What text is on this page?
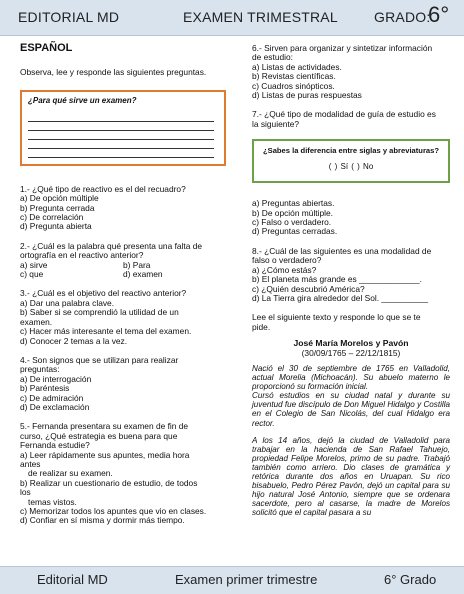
EDITORIAL MD	EXAMEN TRIMESTRAL	GRADO:
6°
ESPAÑOL

Observa, lee y responde las siguientes preguntas.

¿Para qué sirve un examen?

1.- ¿Qué tipo de reactivo es el del recuadro?

a) De opción múltiple

b) Pregunta cerrada

c) De correlación

d) Pregunta abierta

2.- ¿Cuál es la palabra qué presenta una falta de

ortografía en el reactivo anterior?

a) sirve	b) Para
c) que	d) examen

3.- ¿Cuál es el objetivo del reactivo anterior?

a) Dar una palabra clave.

b) Saber si se comprendió la utilidad de un

examen.

c) Hacer más interesante el tema del examen.

d) Conocer 2 temas a la vez.

4.- Son signos que se utilizan para realizar

preguntas:

a) De interrogación

b) Paréntesis

c) De admiración

d) De exclamación

5.- Fernanda presentara su examen de fin de

curso, ¿Qué estrategia es buena para que

Fernanda estudie?

a) Leer rápidamente sus apuntes, media hora

antes

de realizar su examen.

b) Realizar un cuestionario de estudio, de todos

los

temas vistos.

c) Memorizar todos los apuntes que vio en clases.

d) Confiar en sí misma y dormir más tiempo.

6.- Sirven para organizar y sintetizar información

de estudio:

a) Listas de actividades.

b) Revistas científicas.

c) Cuadros sinópticos.

d) Listas de puras respuestas

7.- ¿Qué tipo de modalidad de guía de estudio es

la siguiente?

¿Sabes la diferencia entre siglas y abreviaturas?
( ) Sí ( ) No

a) Preguntas abiertas.

b) De opción múltiple.

c) Falso o verdadero.

d) Preguntas cerradas.

8.- ¿Cuál de las siguientes es una modalidad de

falso o verdadero?

a) ¿Cómo estás?

b) El planeta más grande es _____________.

c) ¿Quién descubrió América?

d) La Tierra gira alrededor del Sol. __________

Lee el siguiente texto y responde lo que se te

pide.

José María Morelos y Pavón

(30/09/1765 – 22/12/1815)

Nació el 30 de septiembre de 1765 en Valladolid, actual Morelia (Michoacán). Su abuelo materno le proporcionó su formación inicial.

Cursó estudios en su ciudad natal y durante su juventud fue discípulo de Don Miguel Hidalgo y Costilla en el Colegio de San Nicolás, del cual Hidalgo era rector.

A los 14 años, dejó la ciudad de Valladolid para trabajar en la hacienda de San Rafael Tahuejo, propiedad Felipe Morelos, primo de su padre. Trabajó también como arriero. Dio clases de gramática y retórica durante dos años en Uruapan. Su rico bisabuelo, Pedro Pérez Pavón, dejó un capital para su hijo natural José Antonio, siempre que se ordenara sacerdote, pero al casarse, la madre de Morelos solicitó que el capital pasara a su

Editorial MD	Examen primer trimestre	6° Grado
